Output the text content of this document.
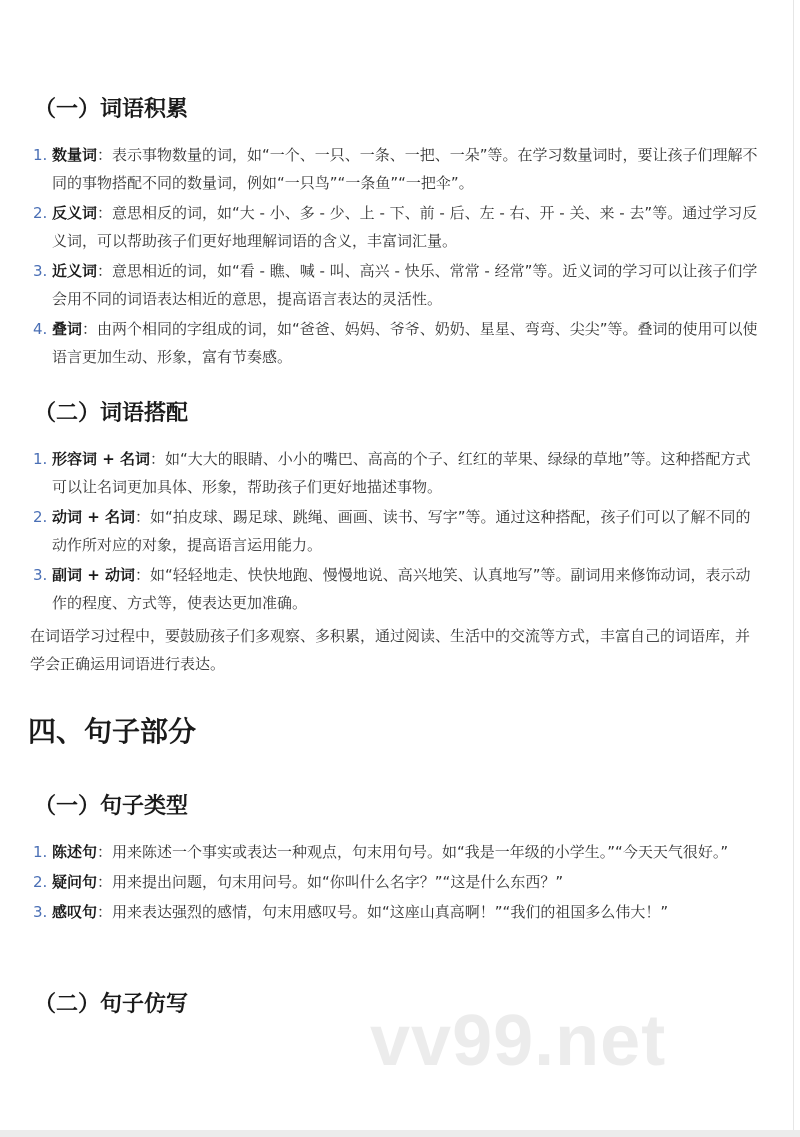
（一）词语积累
1. 数量词：表示事物数量的词，如“一个、一只、一条、一把、一朵”等。在学习数量词时，要让孩子们理解不同的事物搭配不同的数量词，例如“一只鸟”“一条鱼”“一把伞”。
2. 反义词：意思相反的词，如“大 - 小、多 - 少、上 - 下、前 - 后、左 - 右、开 - 关、来 - 去”等。通过学习反义词，可以帮助孩子们更好地理解词语的含义，丰富词汇量。
3. 近义词：意思相近的词，如“看 - 瞧、喊 - 叫、高兴 - 快乐、常常 - 经常”等。近义词的学习可以让孩子们学会用不同的词语表达相近的意思，提高语言表达的灵活性。
4. 叠词：由两个相同的字组成的词，如“爸爸、妈妈、爷爷、奶奶、星星、弯弯、尖尖”等。叠词的使用可以使语言更加生动、形象，富有节奏感。
（二）词语搭配
1. 形容词 + 名词：如“大大的眼睛、小小的嘴巴、高高的个子、红红的苹果、绿绿的草地”等。这种搭配方式可以让名词更加具体、形象，帮助孩子们更好地描述事物。
2. 动词 + 名词：如“拍皮球、踢足球、跳绳、画画、读书、写字”等。通过这种搭配，孩子们可以了解不同的动作所对应的对象，提高语言运用能力。
3. 副词 + 动词：如“轻轻地走、快快地跑、慢慢地说、高兴地笑、认真地写”等。副词用来修饰动词，表示动作的程度、方式等，使表达更加准确。

在词语学习过程中，要鼓励孩子们多观察、多积累，通过阅读、生活中的交流等方式，丰富自己的词语库，并学会正确运用词语进行表达。

四、句子部分
（一）句子类型
1. 陈述句：用来陈述一个事实或表达一种观点，句末用句号。如“我是一年级的小学生。”“今天天气很好。”
2. 疑问句：用来提出问题，句末用问号。如“你叫什么名字？”“这是什么东西？”
3. 感叹句：用来表达强烈的感情，句末用感叹号。如“这座山真高啊！”“我们的祖国多么伟大！”
（二）句子仿写	vv99.net
